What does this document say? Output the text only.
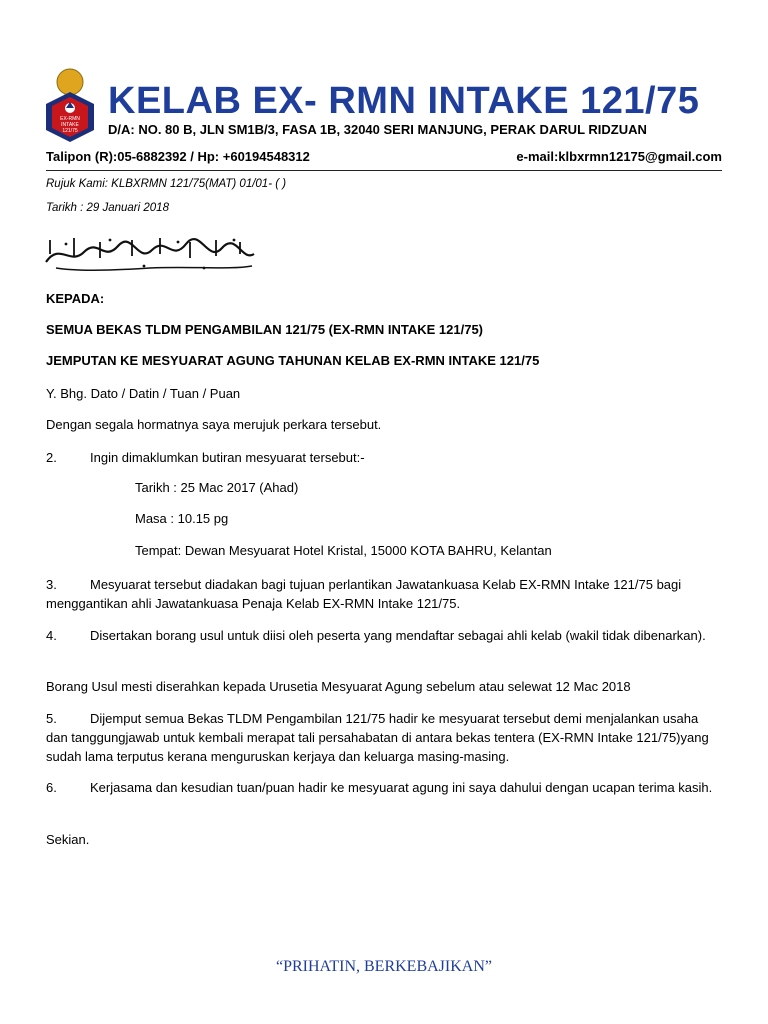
EX-RMN
INTAKE
121/75
KELAB EX- RMN INTAKE 121/75
D/A: NO. 80 B, JLN SM1B/3, FASA 1B, 32040 SERI MANJUNG, PERAK DARUL RIDZUAN
Talipon (R):05-6882392 / Hp: +60194548312	e-mail:klbxrmn12175@gmail.com
Rujuk Kami: KLBXRMN 121/75(MAT) 01/01- ( )
Tarikh : 29 Januari 2018
KEPADA:
SEMUA BEKAS TLDM PENGAMBILAN 121/75 (EX-RMN INTAKE 121/75)
JEMPUTAN KE MESYUARAT AGUNG TAHUNAN KELAB EX-RMN INTAKE 121/75
Y. Bhg. Dato / Datin / Tuan / Puan
Dengan segala hormatnya saya merujuk perkara tersebut.
2.	Ingin dimaklumkan butiran mesyuarat tersebut:-
Tarikh : 25 Mac 2017 (Ahad)
Masa : 10.15 pg
Tempat: Dewan Mesyuarat Hotel Kristal, 15000 KOTA BAHRU, Kelantan
3.	Mesyuarat tersebut diadakan bagi tujuan perlantikan Jawatankuasa Kelab EX-RMN Intake 121/75 bagi menggantikan ahli Jawatankuasa Penaja Kelab EX-RMN Intake 121/75.
4.	Disertakan borang usul untuk diisi oleh peserta yang mendaftar sebagai ahli kelab (wakil tidak dibenarkan).
Borang Usul mesti diserahkan kepada Urusetia Mesyuarat Agung sebelum atau selewat 12 Mac 2018
5.	Dijemput semua Bekas TLDM Pengambilan 121/75 hadir ke mesyuarat tersebut demi menjalankan usaha dan tanggungjawab untuk kembali merapat tali persahabatan di antara bekas tentera (EX-RMN Intake 121/75)yang sudah lama terputus kerana menguruskan kerjaya dan keluarga masing-masing.
6.	Kerjasama dan kesudian tuan/puan hadir ke mesyuarat agung ini saya dahului dengan ucapan terima kasih.
Sekian.
“PRIHATIN, BERKEBAJIKAN”
